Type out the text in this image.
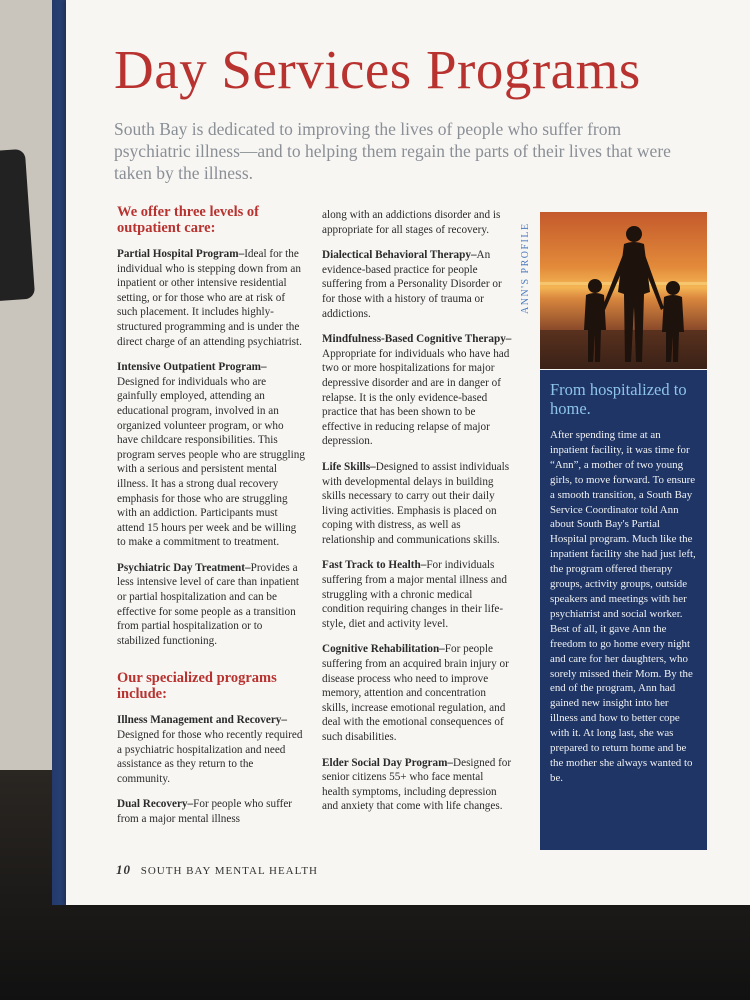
Day Services Programs

South Bay is dedicated to improving the lives of people who suffer from psychiatric illness—and to helping them regain the parts of their lives that were taken by the illness.

We offer three levels of outpatient care:

Partial Hospital Program–Ideal for the individual who is stepping down from an inpatient or other intensive residential setting, or for those who are at risk of such placement. It includes highly-structured programming and is under the direct charge of an attending psychiatrist.

Intensive Outpatient Program–Designed for individuals who are gainfully employed, attending an educational program, involved in an organized volunteer program, or who have childcare responsibilities. This program serves people who are struggling with a serious and persistent mental illness. It has a strong dual recovery emphasis for those who are struggling with an addiction. Participants must attend 15 hours per week and be willing to make a commitment to treatment.

Psychiatric Day Treatment–Provides a less intensive level of care than inpatient or partial hospitalization and can be effective for some people as a transition from partial hospitalization or to stabilized functioning.

Our specialized programs include:

Illness Management and Recovery–Designed for those who recently required a psychiatric hospitalization and need assistance as they return to the community.

Dual Recovery–For people who suffer from a major mental illness

along with an addictions disorder and is appropriate for all stages of recovery.

Dialectical Behavioral Therapy–An evidence-based practice for people suffering from a Personality Disorder or for those with a history of trauma or addictions.

Mindfulness-Based Cognitive Therapy–Appropriate for individuals who have had two or more hospitalizations for major depressive disorder and are in danger of relapse. It is the only evidence-based practice that has been shown to be effective in reducing relapse of major depression.

Life Skills–Designed to assist individuals with developmental delays in building skills necessary to carry out their daily living activities. Emphasis is placed on coping with distress, as well as relationship and communications skills.

Fast Track to Health–For individuals suffering from a major mental illness and struggling with a chronic medical condition requiring changes in their life-style, diet and activity level.

Cognitive Rehabilitation–For people suffering from an acquired brain injury or disease process who need to improve memory, attention and concentration skills, increase emotional regulation, and deal with the emotional consequences of such disabilities.

Elder Social Day Program–Designed for senior citizens 55+ who face mental health symptoms, including depression and anxiety that come with life changes.

ANN'S PROFILE
From hospitalized to home.
After spending time at an inpatient facility, it was time for “Ann”, a mother of two young girls, to move forward. To ensure a smooth transition, a South Bay Service Coordinator told Ann about South Bay's Partial Hospital program. Much like the inpatient facility she had just left, the program offered therapy groups, activity groups, outside speakers and meetings with her psychiatrist and social worker. Best of all, it gave Ann the freedom to go home every night and care for her daughters, who sorely missed their Mom. By the end of the program, Ann had gained new insight into her illness and how to better cope with it. At long last, she was prepared to return home and be the mother she always wanted to be.
10 SOUTH BAY MENTAL HEALTH
